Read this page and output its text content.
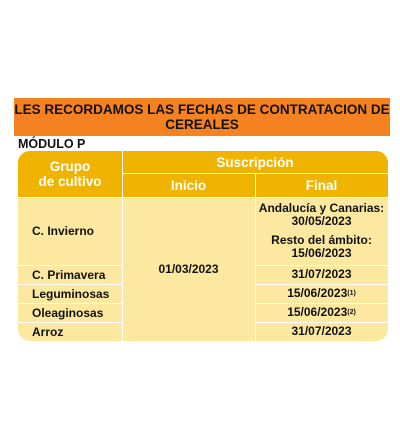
LES RECORDAMOS LAS FECHAS DE CONTRATACION DE CEREALES
MÓDULO P
Grupo
de cultivo
Suscripción
Inicio	Final
C. Invierno
C. Primavera
Leguminosas
Oleaginosas
Arroz
01/03/2023
Andalucía y Canarias:
30/05/2023
Resto del ámbito:
15/06/2023
31/07/2023
15/06/2023 (1)
15/06/2023 (2)
31/07/2023
